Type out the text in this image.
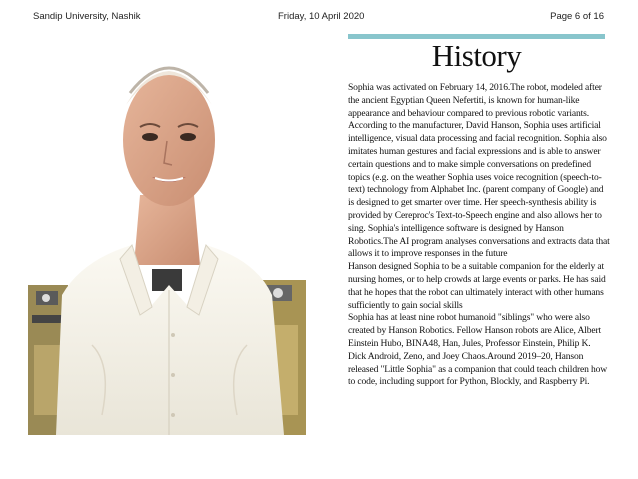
Sandip University, Nashik	Friday, 10 April 2020	Page 6 of 16
History

Sophia was activated on February 14, 2016.The robot, modeled after the ancient Egyptian Queen Nefertiti, is known for human-like appearance and behaviour compared to previous robotic variants. According to the manufacturer, David Hanson, Sophia uses artificial intelligence, visual data processing and facial recognition. Sophia also imitates human gestures and facial expressions and is able to answer certain questions and to make simple conversations on predefined topics (e.g. on the weather Sophia uses voice recognition (speech-to-text) technology from Alphabet Inc. (parent company of Google) and is designed to get smarter over time. Her speech-synthesis ability is provided by Cereproc's Text-to-Speech engine and also allows her to sing. Sophia's intelligence software is designed by Hanson Robotics.The AI program analyses conversations and extracts data that allows it to improve responses in the future

Hanson designed Sophia to be a suitable companion for the elderly at nursing homes, or to help crowds at large events or parks. He has said that he hopes that the robot can ultimately interact with other humans sufficiently to gain social skills

Sophia has at least nine robot humanoid "siblings" who were also created by Hanson Robotics. Fellow Hanson robots are Alice, Albert Einstein Hubo, BINA48, Han, Jules, Professor Einstein, Philip K. Dick Android, Zeno, and Joey Chaos.Around 2019–20, Hanson released "Little Sophia" as a companion that could teach children how to code, including support for Python, Blockly, and Raspberry Pi.
